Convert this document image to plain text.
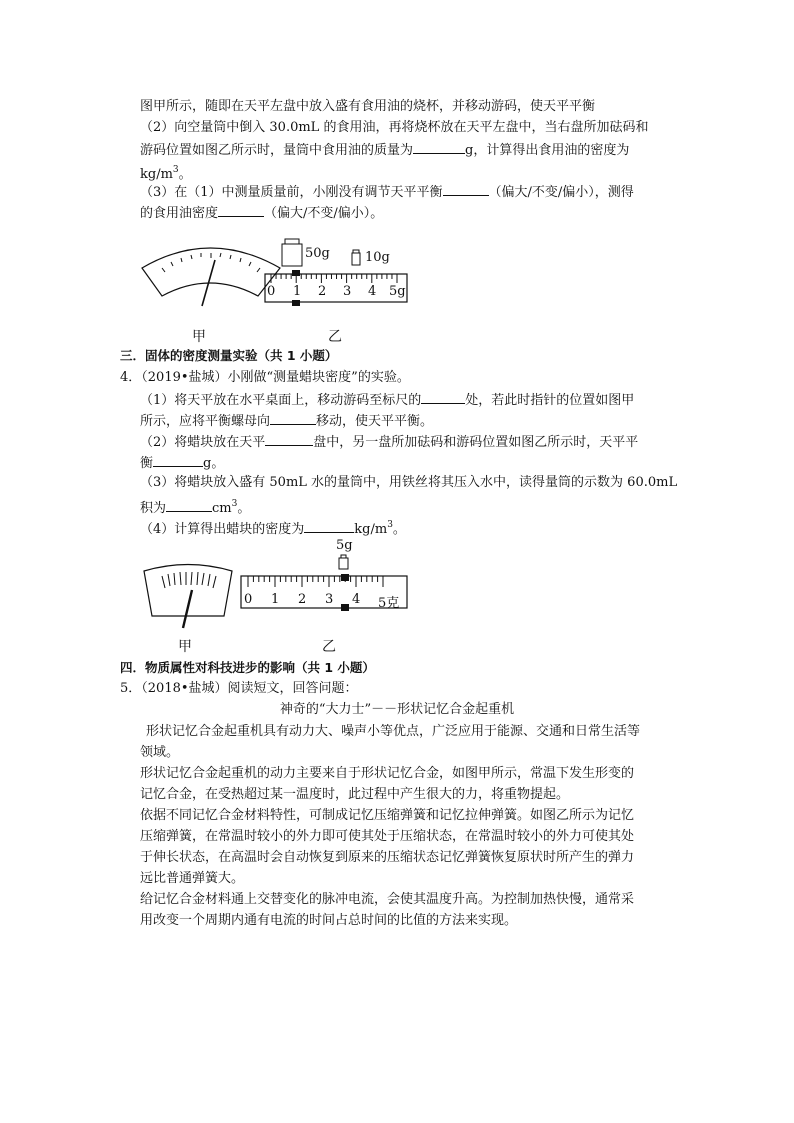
图甲所示，随即在天平左盘中放入盛有食用油的烧杯，并移动游码，使天平平衡
（2）向空量筒中倒入 30.0mL 的食用油，再将烧杯放在天平左盘中，当右盘所加砝码和
游码位置如图乙所示时，量筒中食用油的质量为	g，计算得出食用油的密度为
$kg/m^3$。
（3）在（1）中测量质量前，小刚没有调节天平平衡	（偏大/不变/偏小），测得
的食用油密度	（偏大/不变/偏小）。
50g	10g
0 1 2 3 4 5g
甲	乙
三．固体的密度测量实验（共 1 小题）
4．（2019•盐城）小刚做“测量蜡块密度”的实验。
（1）将天平放在水平桌面上，移动游码至标尺的	处，若此时指针的位置如图甲
所示，应将平衡螺母向	移动，使天平平衡。
（2）将蜡块放在天平	盘中，另一盘所加砝码和游码位置如图乙所示时，天平平
衡	g。
（3）将蜡块放入盛有 50mL 水的量筒中，用铁丝将其压入水中，读得量筒的示数为 60.0mL
积为	$cm^3$。
（4）计算得出蜡块的密度为	$kg/m^3$。
5g
0 1 2 3 4 5克
甲	乙
四．物质属性对科技进步的影响（共 1 小题）
5．（2018•盐城）阅读短文，回答问题：
神奇的“大力士”－－形状记忆合金起重机
形状记忆合金起重机具有动力大、噪声小等优点，广泛应用于能源、交通和日常生活等
领域。
形状记忆合金起重机的动力主要来自于形状记忆合金，如图甲所示，常温下发生形变的
记忆合金，在受热超过某一温度时，此过程中产生很大的力，将重物提起。
依据不同记忆合金材料特性，可制成记忆压缩弹簧和记忆拉伸弹簧。如图乙所示为记忆
压缩弹簧，在常温时较小的外力即可使其处于压缩状态，在常温时较小的外力可使其处
于伸长状态，在高温时会自动恢复到原来的压缩状态记忆弹簧恢复原状时所产生的弹力
远比普通弹簧大。
给记忆合金材料通上交替变化的脉冲电流，会使其温度升高。为控制加热快慢，通常采
用改变一个周期内通有电流的时间占总时间的比值的方法来实现。
